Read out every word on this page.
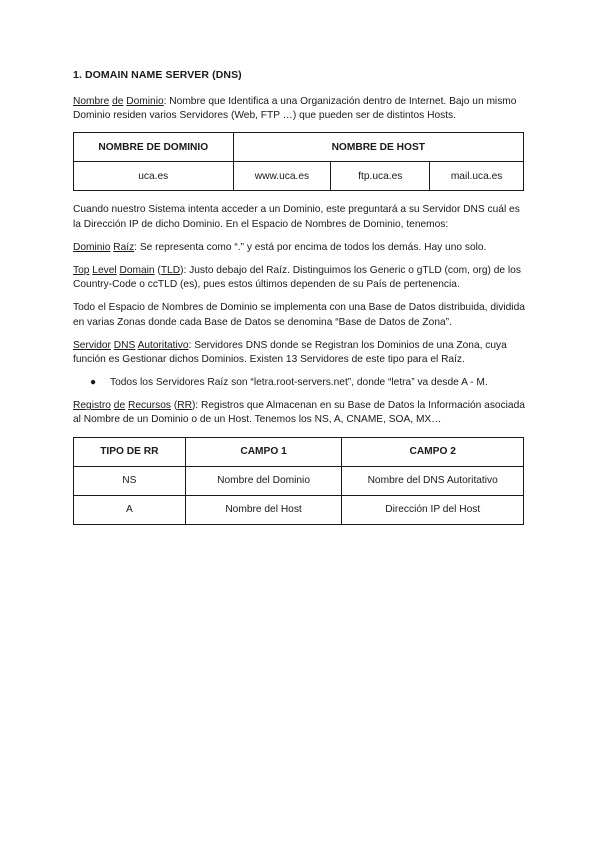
1. DOMAIN NAME SERVER (DNS)

Nombre de Dominio: Nombre que Identifica a una Organización dentro de Internet. Bajo un mismo Dominio residen varios Servidores (Web, FTP …) que pueden ser de distintos Hosts.

NOMBRE DE DOMINIO	NOMBRE DE HOST		
uca.es	www.uca.es	ftp.uca.es	mail.uca.es

Cuando nuestro Sistema intenta acceder a un Dominio, este preguntará a su Servidor DNS cuál es la Dirección IP de dicho Dominio. En el Espacio de Nombres de Dominio, tenemos:

Dominio Raíz: Se representa como “.” y está por encima de todos los demás. Hay uno solo.

Top Level Domain (TLD): Justo debajo del Raíz. Distinguimos los Generic o gTLD (com, org) de los Country-Code o ccTLD (es), pues estos últimos dependen de su País de pertenencia.

Todo el Espacio de Nombres de Dominio se implementa con una Base de Datos distribuida, dividida en varias Zonas donde cada Base de Datos se denomina “Base de Datos de Zona”.

Servidor DNS Autoritativo: Servidores DNS donde se Registran los Dominios de una Zona, cuya función es Gestionar dichos Dominios. Existen 13 Servidores de este tipo para el Raíz.

● Todos los Servidores Raíz son “letra.root-servers.net”, donde “letra” va desde A - M.

Registro de Recursos (RR): Registros que Almacenan en su Base de Datos la Información asociada al Nombre de un Dominio o de un Host. Tenemos los NS, A, CNAME, SOA, MX…

TIPO DE RR	CAMPO 1	CAMPO 2
NS	Nombre del Dominio	Nombre del DNS Autoritativo
A	Nombre del Host	Dirección IP del Host
